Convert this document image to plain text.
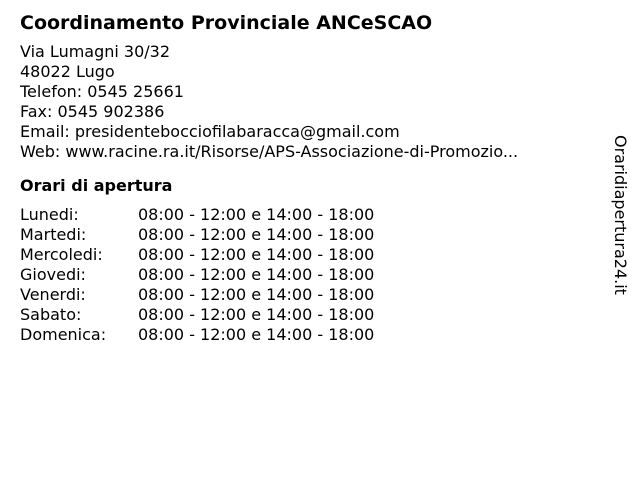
Coordinamento Provinciale ANCeSCAO
Via Lumagni 30/32
48022 Lugo
Telefon: 0545 25661
Fax: 0545 902386
Email: presidentebocciofilabaracca@gmail.com
Web: www.racine.ra.it/Risorse/APS-Associazione-di-Promozio...
Orari di apertura
Lunedi:	08:00 - 12:00 e 14:00 - 18:00
Martedi:	08:00 - 12:00 e 14:00 - 18:00
Mercoledi:	08:00 - 12:00 e 14:00 - 18:00
Giovedi:	08:00 - 12:00 e 14:00 - 18:00
Venerdi:	08:00 - 12:00 e 14:00 - 18:00
Sabato:	08:00 - 12:00 e 14:00 - 18:00
Domenica:	08:00 - 12:00 e 14:00 - 18:00
Oraridiapertura24.it
